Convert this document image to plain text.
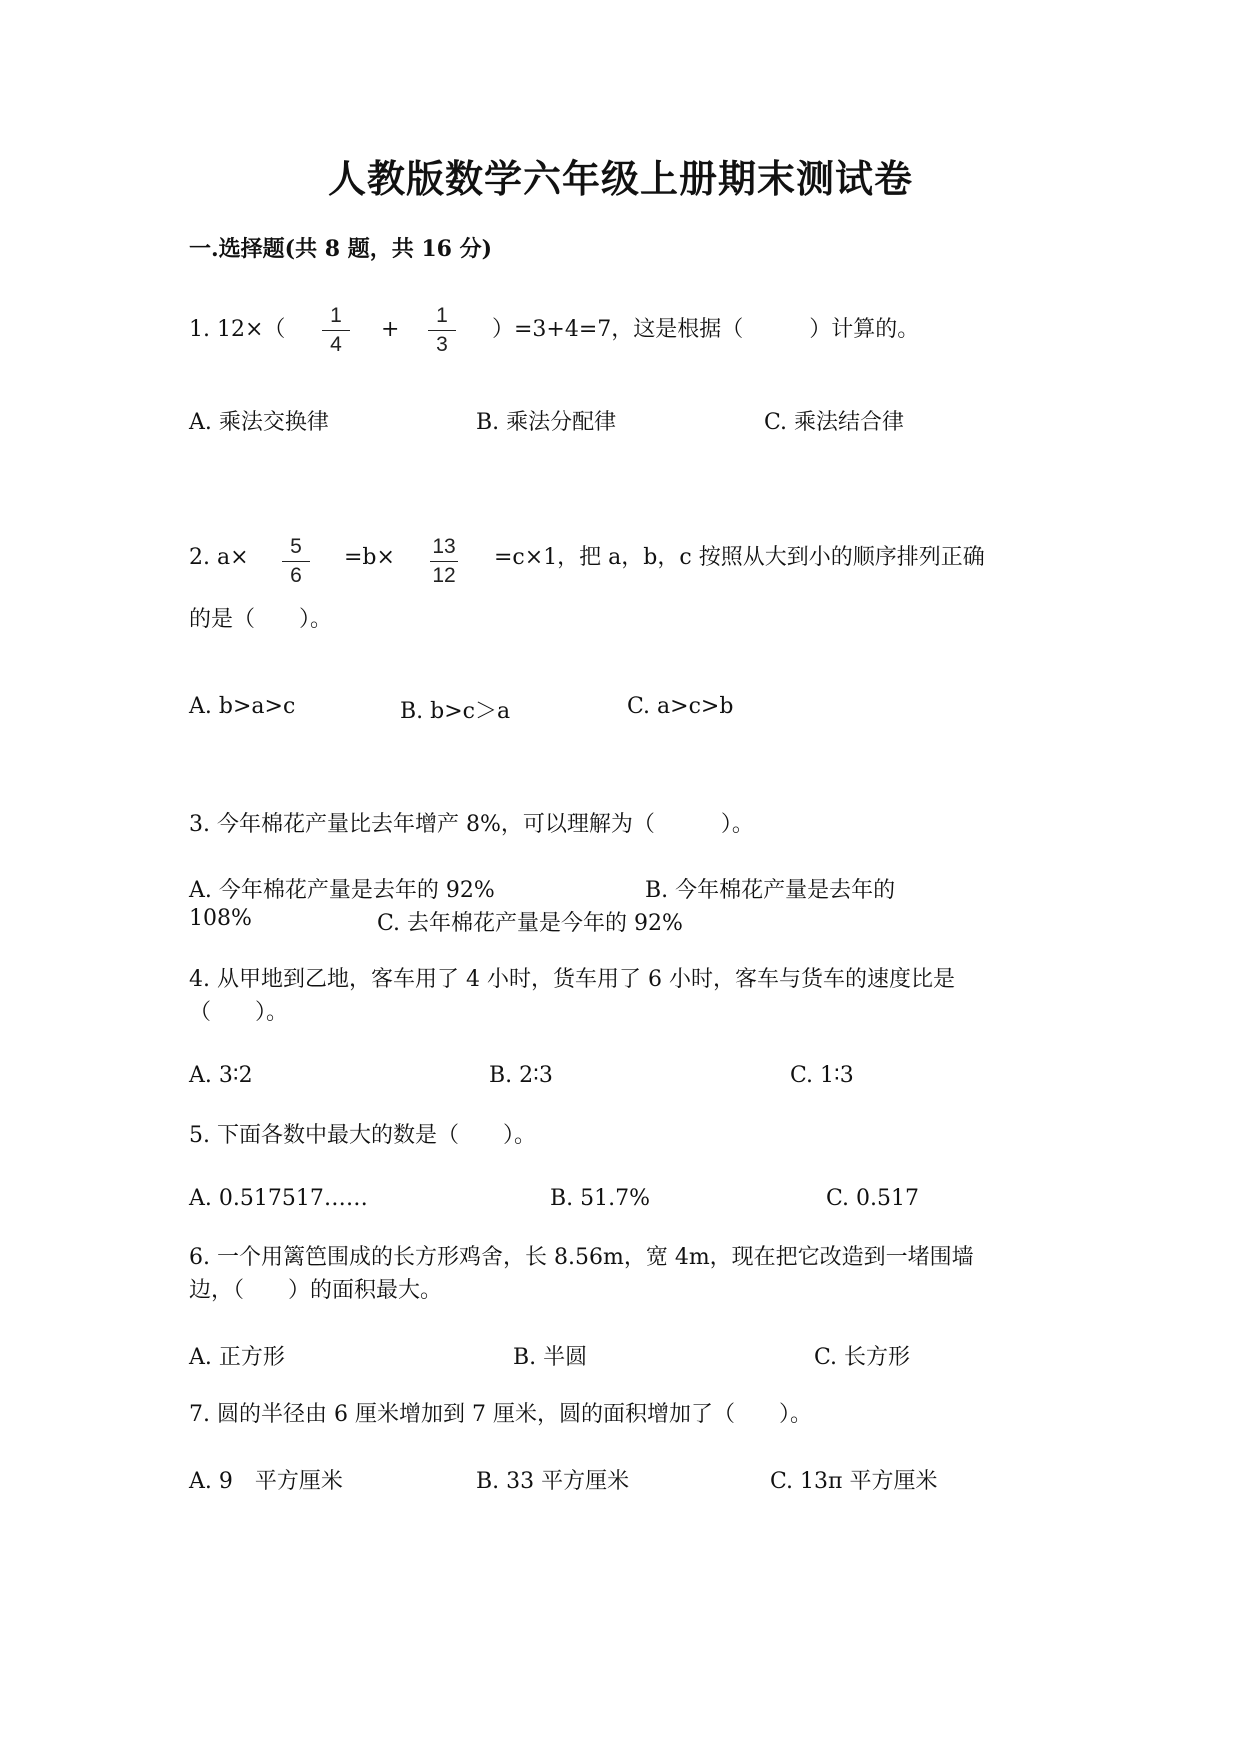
人教版数学六年级上册期末测试卷
一.选择题(共 8 题，共 16 分)
1. 12×（
1
4
+
1
3
）=3+4=7，这是根据（　　　）计算的。
A. 乘法交换律	B. 乘法分配律	C. 乘法结合律
2. a×	5
6
=b×	13
12
=c×1，把 a，b，c 按照从大到小的顺序排列正确
的是（　　）。
A. b>a>c	B. b>c＞a	C. a>c>b
3. 今年棉花产量比去年增产 8%，可以理解为（　　　）。
A. 今年棉花产量是去年的 92%	B. 今年棉花产量是去年的
108%	C. 去年棉花产量是今年的 92%
4. 从甲地到乙地，客车用了 4 小时，货车用了 6 小时，客车与货车的速度比是
（　　）。
A. 3∶2	B. 2∶3	C. 1∶3
5. 下面各数中最大的数是（　　）。
A. 0.517517……	B. 51.7%	C. 0.517
6. 一个用篱笆围成的长方形鸡舍，长 8.56m，宽 4m，现在把它改造到一堵围墙
边，（　　）的面积最大。
A. 正方形	B. 半圆	C. 长方形
7. 圆的半径由 6 厘米增加到 7 厘米，圆的面积增加了（　　）。
A. 9　平方厘米	B. 33 平方厘米	C. 13π 平方厘米
